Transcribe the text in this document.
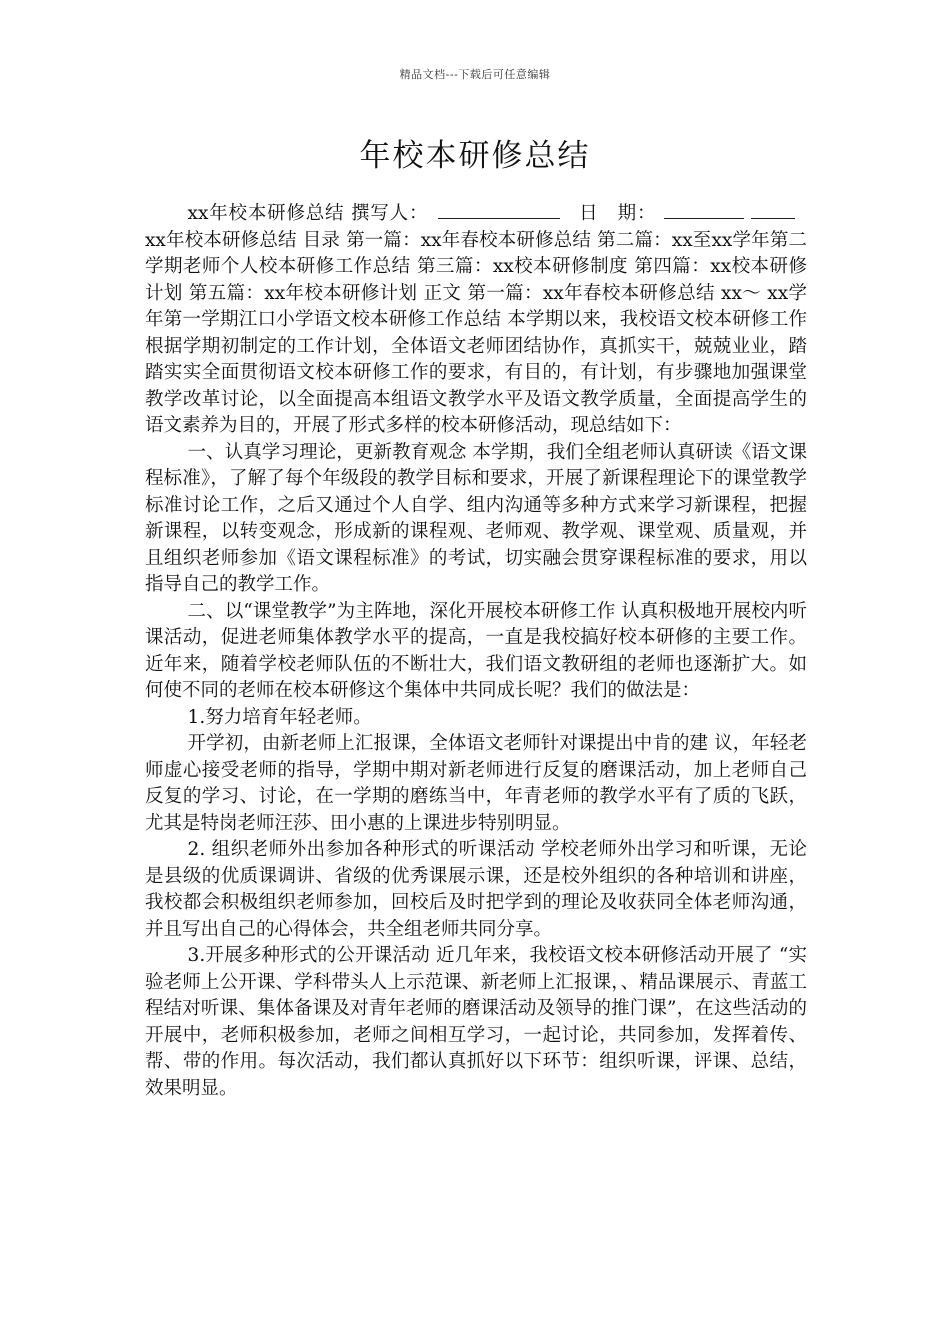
精品文档---下载后可任意编辑
年校本研修总结

xx年校本研修总结 撰写人：	日　期： xx年校本研修总结 目录 第一篇：xx年春校本研修总结 第二篇：xx至xx学年第二学期老师个人校本研修工作总结 第三篇：xx校本研修制度 第四篇：xx校本研修计划 第五篇：xx年校本研修计划 正文 第一篇：xx年春校本研修总结 xx～ xx学年第一学期江口小学语文校本研修工作总结 本学期以来，我校语文校本研修工作根据学期初制定的工作计划，全体语文老师团结协作，真抓实干，兢兢业业，踏踏实实全面贯彻语文校本研修工作的要求，有目的，有计划，有步骤地加强课堂教学改革讨论，以全面提高本组语文教学水平及语文教学质量，全面提高学生的语文素养为目的，开展了形式多样的校本研修活动，现总结如下：

一、认真学习理论，更新教育观念 本学期，我们全组老师认真研读《语文课程标准》，了解了每个年级段的教学目标和要求，开展了新课程理论下的课堂教学标准讨论工作，之后又通过个人自学、组内沟通等多种方式来学习新课程，把握新课程，以转变观念，形成新的课程观、老师观、教学观、课堂观、质量观，并且组织老师参加《语文课程标准》的考试，切实融会贯穿课程标准的要求，用以指导自己的教学工作。

二、以“课堂教学”为主阵地，深化开展校本研修工作 认真积极地开展校内听课活动，促进老师集体教学水平的提高，一直是我校搞好校本研修的主要工作。近年来，随着学校老师队伍的不断壮大，我们语文教研组的老师也逐渐扩大。如何使不同的老师在校本研修这个集体中共同成长呢？我们的做法是：

1.努力培育年轻老师。

开学初，由新老师上汇报课，全体语文老师针对课提出中肯的建 议，年轻老师虚心接受老师的指导，学期中期对新老师进行反复的磨课活动，加上老师自己反复的学习、讨论，在一学期的磨练当中，年青老师的教学水平有了质的飞跃，尤其是特岗老师汪莎、田小惠的上课进步特别明显。

2. 组织老师外出参加各种形式的听课活动 学校老师外出学习和听课，无论是县级的优质课调讲、省级的优秀课展示课，还是校外组织的各种培训和讲座，我校都会积极组织老师参加，回校后及时把学到的理论及收获同全体老师沟通，并且写出自己的心得体会，共全组老师共同分享。

3.开展多种形式的公开课活动 近几年来，我校语文校本研修活动开展了 “实验老师上公开课、学科带头人上示范课、新老师上汇报课，、精品课展示、青蓝工程结对听课、集体备课及对青年老师的磨课活动及领导的推门课”，在这些活动的开展中，老师积极参加，老师之间相互学习，一起讨论，共同参加，发挥着传、帮、带的作用。每次活动，我们都认真抓好以下环节：组织听课，评课、总结，效果明显。
